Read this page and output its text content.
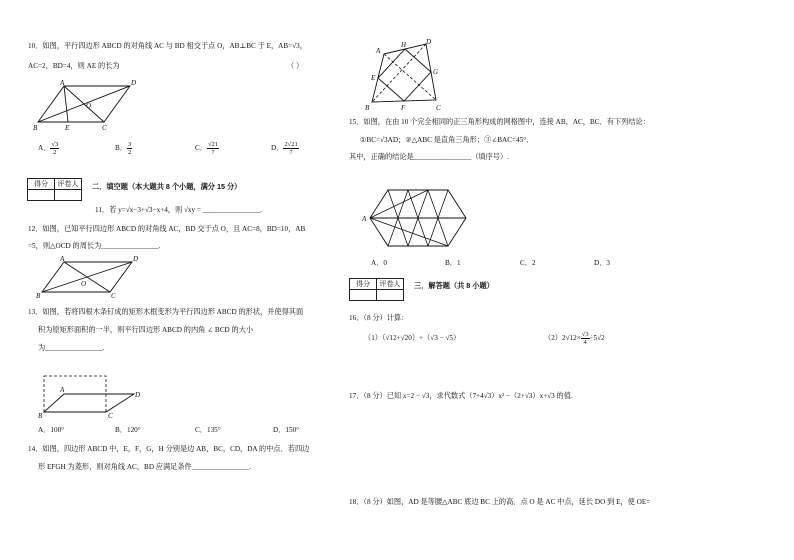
10．如图，平行四边形 ABCD 的对角线 AC 与 BD 相交于点 O，AB⊥BC 于 E，AB=√3，
AC=2，BD=4，则 AE 的长为	（ ）
A	D
O
B	E	C
A． $\frac{√3}{2}$	B． $\frac{3}{2}$	C． $\frac{√21}{7}$	D． $\frac{2√21}{7}$
得分	评卷人
	二．填空题（本大题共 8 个小题，满分 15 分）
11．若 y=√x−3+√3−x+4，则 √xy = ________________.
12．如图，已知平行四边形 ABCD 的对角线 AC，BD 交于点 O，且 AC=8，BD=10，AB
=5，则△OCD 的周长为________________.
A	D
O
B	C
13．如图，若将四根木条钉成的矩形木框变形为平行四边形 ABCD 的形状，并使得其面
积为原矩形面积的一半，则平行四边形 ABCD 的内角 ∠ BCD 的大小
为________________.
A
D
B	C
A．100°	B．120°	C．135°	D．150°
14．如图，四边形 ABCD 中，E，F，G，H 分别是边 AB，BC，CD，DA 的中点．若四边
形 EFGH 为菱形，则对角线 AC，BD 应满足条件________________.
A
H	D
G
E
B	F	C
15．如图，在由 10 个完全相同的正三角形构成的网格图中，连接 AB，AC，BC．有下列结论：
①BC=√3AD；②△ABC 是直角三角形；③∠BAC=45°．
其中，正确的结论是________________（填序号）.
A
A．0	B．1	C．2	D．3
得分	评卷人
	三．解答题（共 8 小题）
16．（8 分）计算：
（1）（√12+√20）+（√3 − √5）	$(2)2√12\times \frac{√3}{4}\div 5√2$
17．（8 分）已知 x=2 − √3，求代数式（7+4√3）x² −（2+√3）x+√3 的值.
18．（8 分）如图，AD 是等腰△ABC 底边 BC 上的高．点 O 是 AC 中点，延长 DO 到 E，使 OE=
